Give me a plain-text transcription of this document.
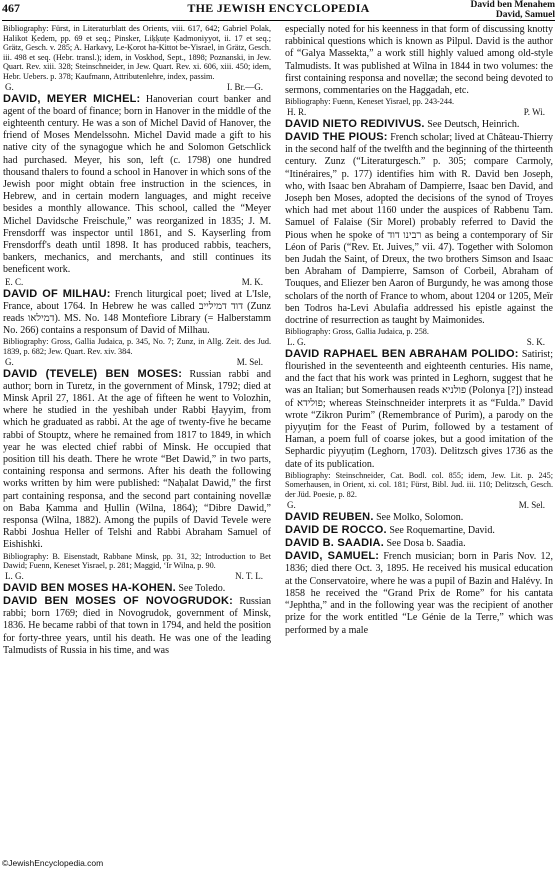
467	THE JEWISH ENCYCLOPEDIA	David ben Menahem
David, Samuel

Bibliography: Fürst, in Literaturblatt des Orients, viii. 617, 642; Gabriel Polak, Halikot Ḳedem, pp. 69 et seq.; Pinsker, Liḳḳuṭe Ḳadmoniyyot, ii. 17 et seq.; Grätz, Gesch. v. 285; A. Harkavy, Le-Ḳorot ha-Kittot be-Yisrael, in Grätz, Gesch. iii. 498 et seq. (Hebr. transl.); idem, in Voskhod, Sept., 1898; Poznanski, in Jew. Quart. Rev. xiii. 328; Steinschneider, in Jew. Quart. Rev. xi. 606, xiii. 450; idem, Hebr. Uebers. p. 378; Kaufmann, Attributenlehre, index, passim.

G.	I. Br.—G.

DAVID, MEYER MICHEL: Hanoverian court banker and agent of the board of finance; born in Hanover in the middle of the eighteenth century. He was a son of Michel David of Hanover, the friend of Moses Mendelssohn. Michel David made a gift to his native city of the synagogue which he and Solomon Getschlick had purchased. Meyer, his son, left (c. 1798) one hundred thousand thalers to found a school in Hanover in which sons of the Jewish poor might obtain free instruction in the sciences, in Hebrew, and in certain modern languages, and might receive besides a monthly allowance. This school, called the “Meyer Michel Davidsche Freischule,” was reorganized in 1835; J. M. Frensdorff was inspector until 1861, and S. Kayserling from Frensdorff's death until 1898. It has produced rabbis, teachers, bankers, mechanics, and merchants, and still continues its beneficent work.

E. C.	M. K.

DAVID OF MILHAU: French liturgical poet; lived at L'Isle, France, about 1764. In Hebrew he was called דוד דמילייב (Zunz reads דמילאו). MS. No. 148 Montefiore Library (= Halberstamm No. 266) contains a responsum of David of Milhau.

Bibliography: Gross, Gallia Judaica, p. 345, No. 7; Zunz, in Allg. Zeit. des Jud. 1839, p. 682; Jew. Quart. Rev. xiv. 384.

G.	M. Sel.

DAVID (TEVELE) BEN MOSES: Russian rabbi and author; born in Turetz, in the government of Minsk, 1792; died at Minsk April 27, 1861. At the age of fifteen he went to Volozhin, where he studied in the yeshibah under Rabbi Ḥayyim, from which he graduated as rabbi. At the age of twenty-five he became rabbi of Stouptz, where he remained from 1817 to 1849, in which year he was elected chief rabbi of Minsk. He occupied that position till his death. There he wrote “Bet Dawid,” in two parts, containing responsa and sermons. After his death the following works written by him were published: “Naḥalat Dawid,” the first part containing responsa, and the second part containing novellæ on Baba Ḳamma and Ḥullin (Wilna, 1864); “Dibre Dawid,” responsa (Wilna, 1882). Among the pupils of David Tevele were Rabbi Joshua Heller of Telshi and Rabbi Abraham Samuel of Eishishki.

Bibliography: B. Eisenstadt, Rabbane Minsk, pp. 31, 32; Introduction to Bet Dawid; Fuenn, Keneset Yisrael, p. 281; Maggid, ‘Ir Wilna, p. 90.

L. G.	N. T. L.

DAVID BEN MOSES HA-KOHEN. See Toledo.

DAVID BEN MOSES OF NOVOGRUDOK: Russian rabbi; born 1769; died in Novogrudok, government of Minsk, 1836. He became rabbi of that town in 1794, and held the position for forty-three years, until his death. He was one of the leading Talmudists of Russia in his time, and was

especially noted for his keenness in that form of discussing knotty rabbinical questions which is known as Pilpul. David is the author of “Galya Massekta,” a work still highly valued among old-style Talmudists. It was published at Wilna in 1844 in two volumes: the first containing responsa and novellæ; the second being devoted to sermons, commentaries on the Haggadah, etc.

Bibliography: Fuenn, Keneset Yisrael, pp. 243-244.

H. R.	P. Wi.

DAVID NIETO REDIVIVUS. See Deutsch, Heinrich.

DAVID THE PIOUS: French scholar; lived at Château-Thierry in the second half of the twelfth and the beginning of the thirteenth century. Zunz (“Literaturgesch.” p. 305; compare Carmoly, “Itinéraires,” p. 177) identifies him with R. David ben Joseph, who, with Isaac ben Abraham of Dampierre, Isaac ben David, and Joseph ben Moses, adopted the decisions of the synod of Troyes which had met about 1160 under the auspices of Rabbenu Tam. Samuel of Falaise (Sir Morel) probably referred to David the Pious when he spoke of רבינו דוד as being a contemporary of Sir Léon of Paris (“Rev. Et. Juives,” vii. 47). Together with Solomon ben Judah the Saint, of Dreux, the two brothers Simson and Isaac ben Abraham of Dampierre, Samson of Corbeil, Abraham of Touques, and Eliezer ben Aaron of Burgundy, he was among those scholars of the north of France to whom, about 1204 or 1205, Meïr ben Todros ha-Levi Abulafia addressed his epistle against the doctrine of resurrection as taught by Maimonides.

Bibliography: Gross, Gallia Judaica, p. 258.

L. G.	S. K.

DAVID RAPHAEL BEN ABRAHAM POLIDO: Satirist; flourished in the seventeenth and eighteenth centuries. His name, and the fact that his work was printed in Leghorn, suggest that he was an Italian; but Somerhausen reads פולניא (Polonya [?]) instead of פולידא; whereas Steinschneider interprets it as “Fulda.” David wrote “Zikron Purim” (Remembrance of Purim), a parody on the piyyuṭim for the Feast of Purim, followed by a testament of Haman, a poem full of coarse jokes, but a good imitation of the Sephardic piyyuṭim (Leghorn, 1703). Delitzsch gives 1736 as the date of its publication.

Bibliography: Steinschneider, Cat. Bodl. col. 855; idem, Jew. Lit. p. 245; Somerhausen, in Orient, xi. col. 181; Fürst, Bibl. Jud. iii. 110; Delitzsch, Gesch. der Jüd. Poesie, p. 82.

G.	M. Sel.

DAVID REUBEN. See Molko, Solomon.

DAVID DE ROCCO. See Roquemartine, David.

DAVID B. SAADIA. See Dosa b. Saadia.

DAVID, SAMUEL: French musician; born in Paris Nov. 12, 1836; died there Oct. 3, 1895. He received his musical education at the Conservatoire, where he was a pupil of Bazin and Halévy. In 1858 he received the “Grand Prix de Rome” for his cantata “Jephtha,” and in the following year was the recipient of another prize for the work entitled “Le Génie de la Terre,” which was performed by a male

©JewishEncyclopedia.com
